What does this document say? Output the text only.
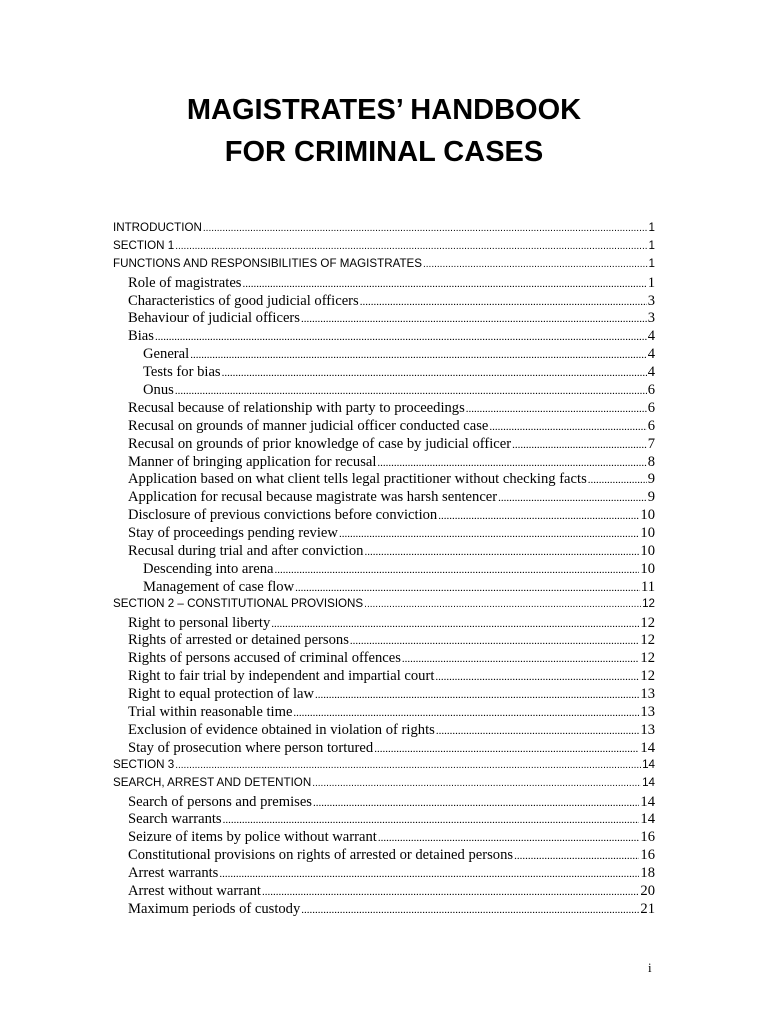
MAGISTRATES’ HANDBOOK
FOR CRIMINAL CASES
INTRODUCTION .....	1
SECTION 1 .....	1
FUNCTIONS AND RESPONSIBILITIES OF MAGISTRATES .....	1
Role of magistrates .....	1
Characteristics of good judicial officers .....	3
Behaviour of judicial officers .....	3
Bias .....	4
General .....	4
Tests for bias .....	4
Onus .....	6
Recusal because of relationship with party to proceedings .....	6
Recusal on grounds of manner judicial officer conducted case .....	6
Recusal on grounds of prior knowledge of case by judicial officer .....	7
Manner of bringing application for recusal .....	8
Application based on what client tells legal practitioner without checking facts .....	9
Application for recusal because magistrate was harsh sentencer .....	9
Disclosure of previous convictions before conviction .....	10
Stay of proceedings pending review .....	10
Recusal during trial and after conviction .....	10
Descending into arena .....	10
Management of case flow .....	11
SECTION 2 – CONSTITUTIONAL PROVISIONS .....	12
Right to personal liberty .....	12
Rights of arrested or detained persons .....	12
Rights of persons accused of criminal offences .....	12
Right to fair trial by independent and impartial court .....	12
Right to equal protection of law .....	13
Trial within reasonable time .....	13
Exclusion of evidence obtained in violation of rights .....	13
Stay of prosecution where person tortured .....	14
SECTION 3 .....	14
SEARCH, ARREST AND DETENTION .....	14
Search of persons and premises .....	14
Search warrants .....	14
Seizure of items by police without warrant .....	16
Constitutional provisions on rights of arrested or detained persons .....	16
Arrest warrants .....	18
Arrest without warrant .....	20
Maximum periods of custody .....	21
i
